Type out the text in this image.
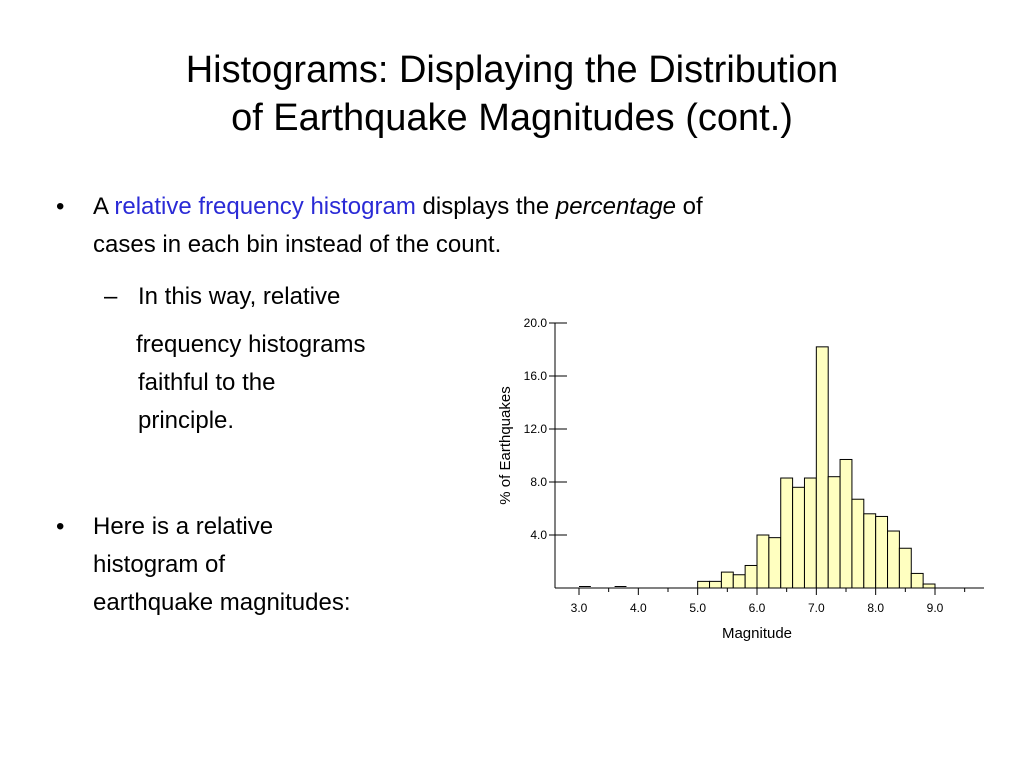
Histograms: Displaying the Distribution
of Earthquake Magnitudes (cont.)
• A relative frequency histogram displays the percentage of
cases in each bin instead of the count.
– In this way, relative
frequency histograms
faithful to the
principle.
• Here is a relative
histogram of
earthquake magnitudes:
4.0
8.0
12.0
16.0
20.0
3.0	4.0	5.0	6.0	7.0	8.0	9.0
Magnitude
% of Earthquakes
